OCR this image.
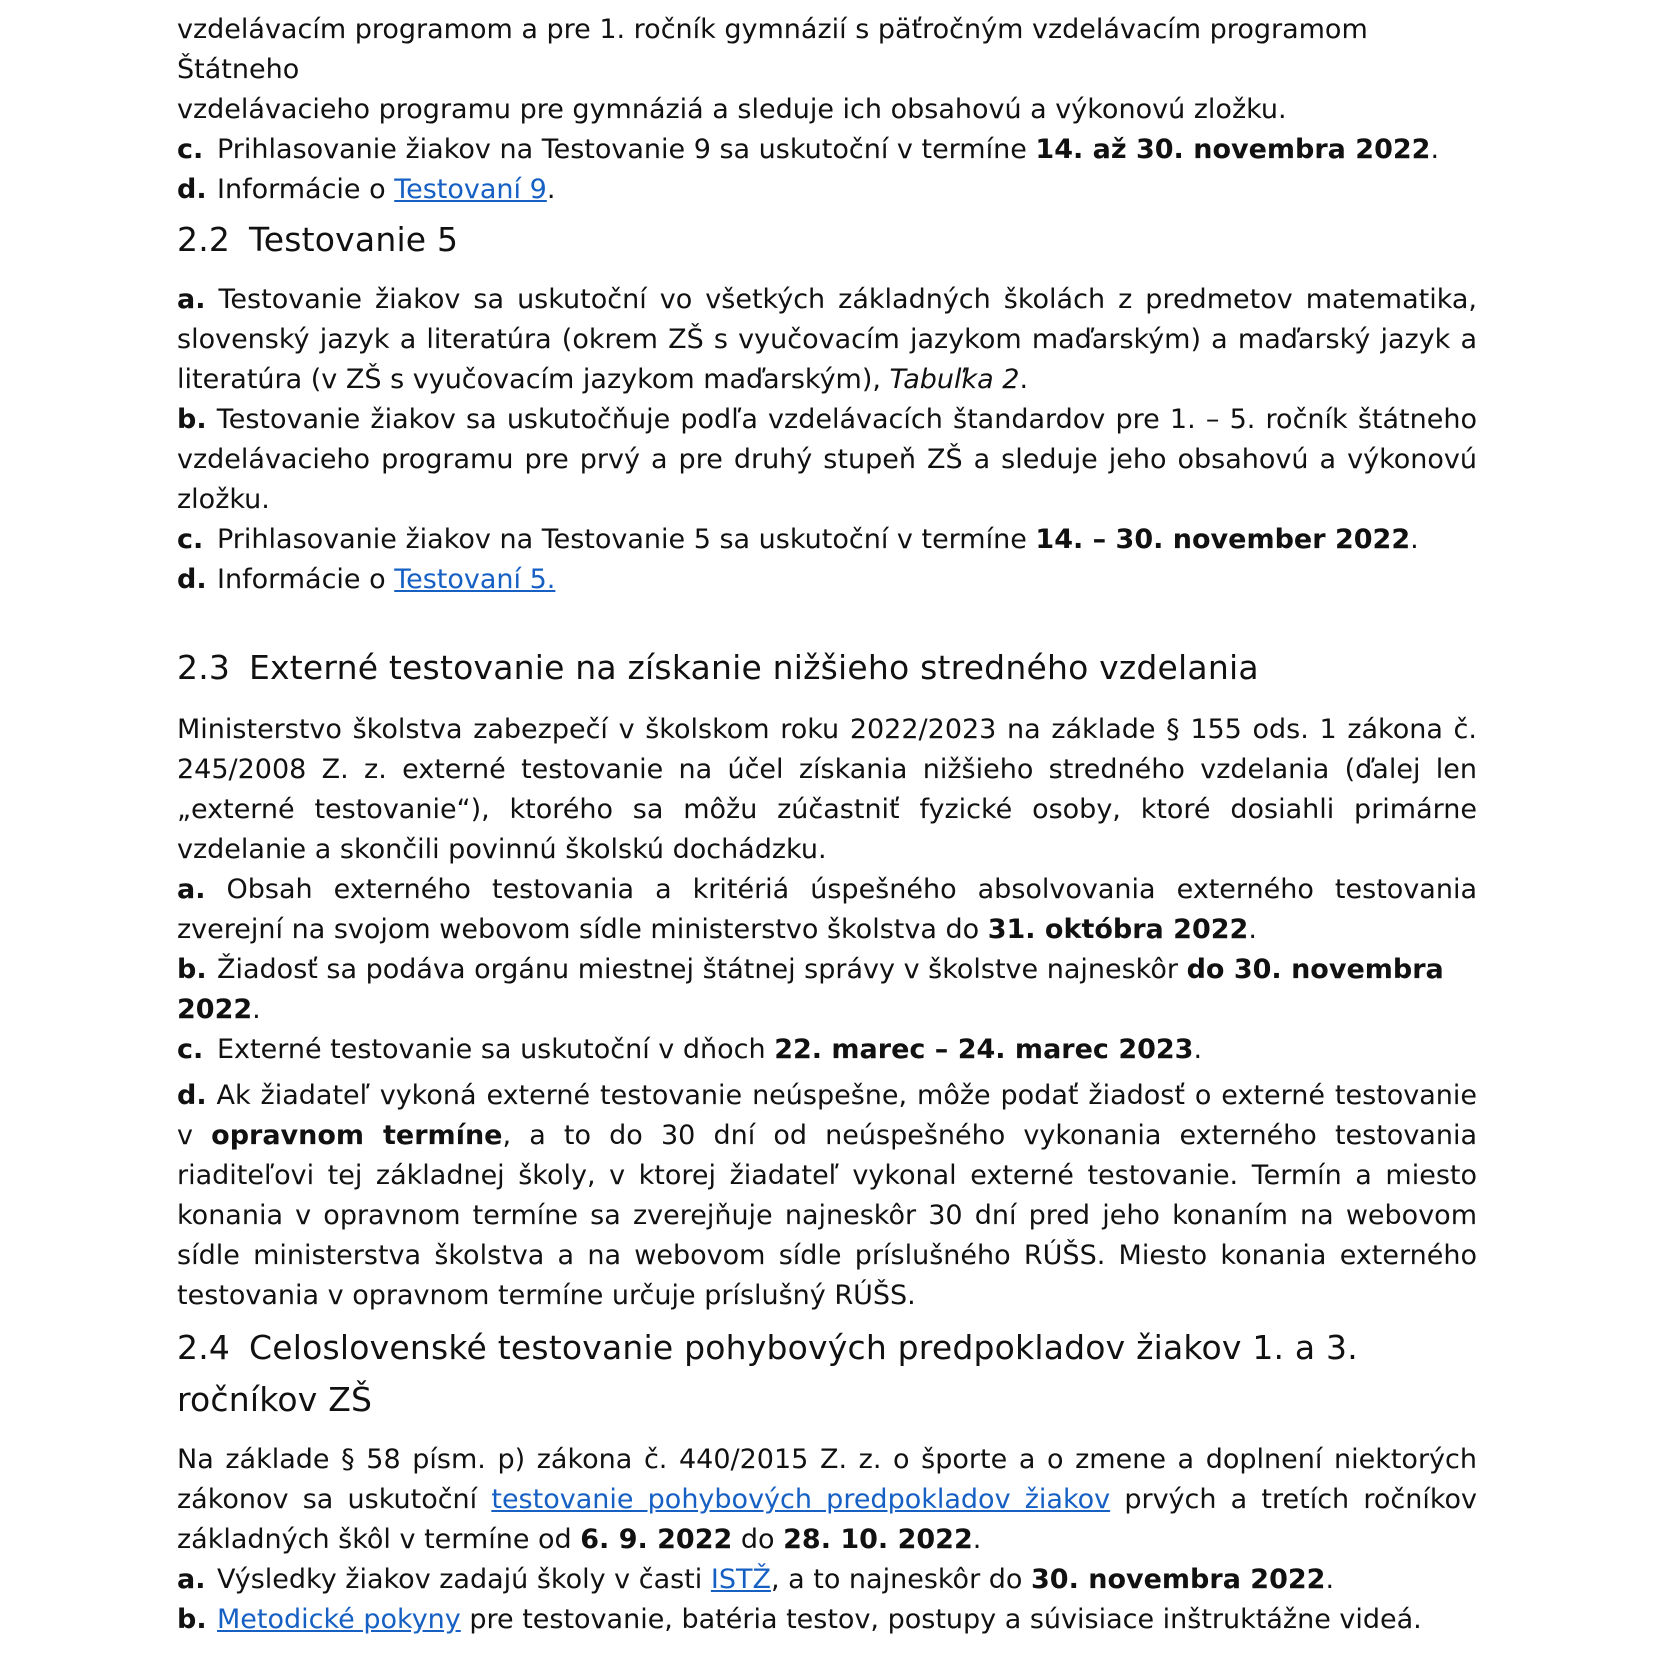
vzdelávacím programom a pre 1. ročník gymnázií s päťročným vzdelávacím programom Štátneho

vzdelávacieho programu pre gymnáziá a sleduje ich obsahovú a výkonovú zložku.

c. Prihlasovanie žiakov na Testovanie 9 sa uskutoční v termíne 14. až 30. novembra 2022.

d. Informácie o Testovaní 9.

2.2 Testovanie 5

a. Testovanie žiakov sa uskutoční vo všetkých základných školách z predmetov matematika, slovenský jazyk a literatúra (okrem ZŠ s vyučovacím jazykom maďarským) a maďarský jazyk a literatúra (v ZŠ s vyučovacím jazykom maďarským), Tabuľka 2.

b. Testovanie žiakov sa uskutočňuje podľa vzdelávacích štandardov pre 1. – 5. ročník štátneho vzdelávacieho programu pre prvý a pre druhý stupeň ZŠ a sleduje jeho obsahovú a výkonovú zložku.

c. Prihlasovanie žiakov na Testovanie 5 sa uskutoční v termíne 14. – 30. november 2022.

d. Informácie o Testovaní 5.

2.3 Externé testovanie na získanie nižšieho stredného vzdelania

Ministerstvo školstva zabezpečí v školskom roku 2022/2023 na základe § 155 ods. 1 zákona č. 245/2008 Z. z. externé testovanie na účel získania nižšieho stredného vzdelania (ďalej len „externé testovanie“), ktorého sa môžu zúčastniť fyzické osoby, ktoré dosiahli primárne vzdelanie a skončili povinnú školskú dochádzku.

a. Obsah externého testovania a kritériá úspešného absolvovania externého testovania zverejní na svojom webovom sídle ministerstvo školstva do 31. októbra 2022.

b. Žiadosť sa podáva orgánu miestnej štátnej správy v školstve najneskôr do 30. novembra 2022.

c. Externé testovanie sa uskutoční v dňoch 22. marec – 24. marec 2023.

d. Ak žiadateľ vykoná externé testovanie neúspešne, môže podať žiadosť o externé testovanie v opravnom termíne, a to do 30 dní od neúspešného vykonania externého testovania riaditeľovi tej základnej školy, v ktorej žiadateľ vykonal externé testovanie. Termín a miesto konania v opravnom termíne sa zverejňuje najneskôr 30 dní pred jeho konaním na webovom sídle ministerstva školstva a na webovom sídle príslušného RÚŠS. Miesto konania externého testovania v opravnom termíne určuje príslušný RÚŠS.

2.4 Celoslovenské testovanie pohybových predpokladov žiakov 1. a 3.
ročníkov ZŠ

Na základe § 58 písm. p) zákona č. 440/2015 Z. z. o športe a o zmene a doplnení niektorých zákonov sa uskutoční testovanie pohybových predpokladov žiakov prvých a tretích ročníkov základných škôl v termíne od 6. 9. 2022 do 28. 10. 2022.

a. Výsledky žiakov zadajú školy v časti ISTŽ, a to najneskôr do 30. novembra 2022.

b. Metodické pokyny pre testovanie, batéria testov, postupy a súvisiace inštruktážne videá.
